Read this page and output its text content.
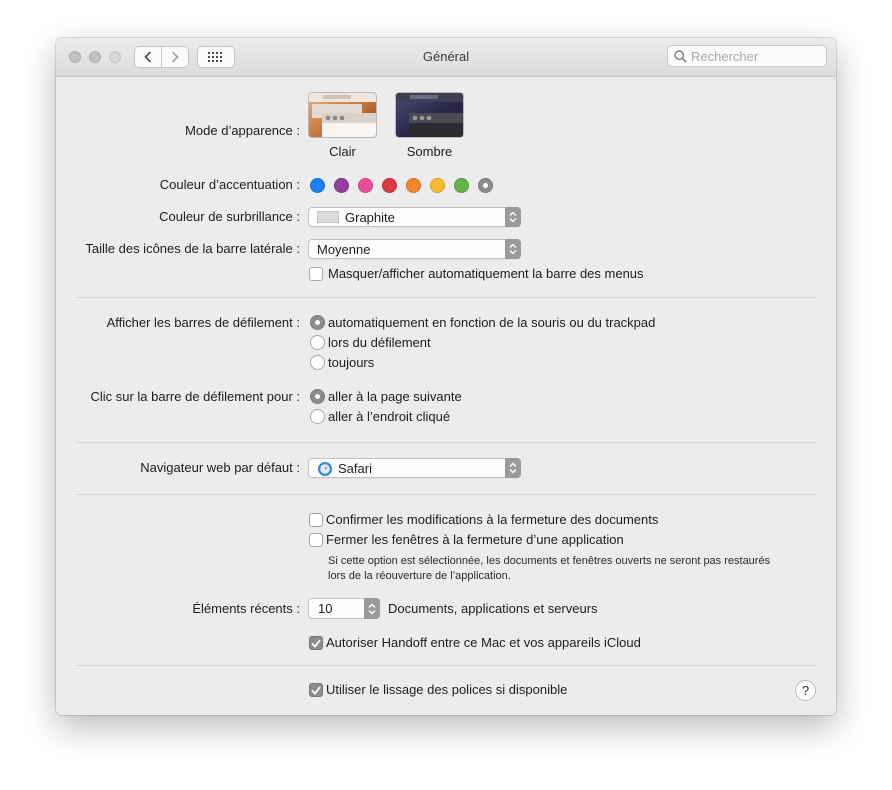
Général
Rechercher
Mode d’apparence :
Clair	Sombre
Couleur d’accentuation :
Couleur de surbrillance :	Graphite
Taille des icônes de la barre latérale : Moyenne
Masquer/afficher automatiquement la barre des menus
Afficher les barres de défilement : automatiquement en fonction de la souris ou du trackpad
lors du défilement
toujours
Clic sur la barre de défilement pour : aller à la page suivante
aller à l’endroit cliqué
Navigateur web par défaut :	Safari
Confirmer les modifications à la fermeture des documents
Fermer les fenêtres à la fermeture d’une application
Si cette option est sélectionnée, les documents et fenêtres ouverts ne seront pas restaurés
lors de la réouverture de l’application.
Éléments récents : 10	Documents, applications et serveurs
Autoriser Handoff entre ce Mac et vos appareils iCloud
Utiliser le lissage des polices si disponible	?
